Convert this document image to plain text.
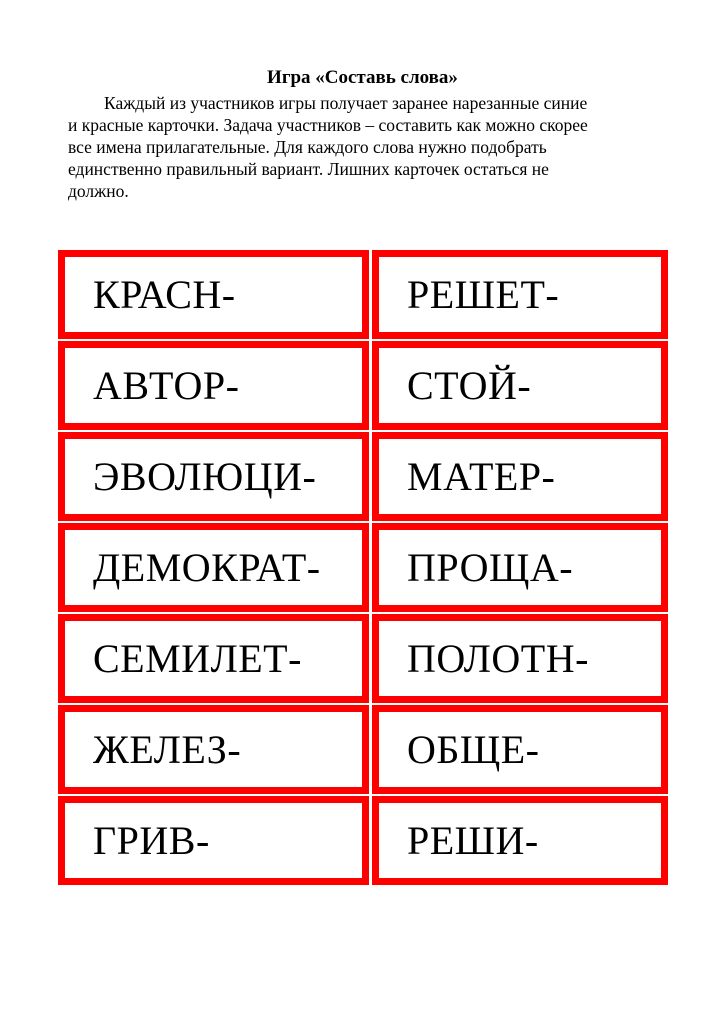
Игра «Составь слова»
Каждый из участников игры получает заранее нарезанные синие
и красные карточки. Задача участников – составить как можно скорее
все имена прилагательные. Для каждого слова нужно подобрать
единственно правильный вариант. Лишних карточек остаться не
должно.
КРАСН-	РЕШЕТ-
АВТОР-	СТОЙ-
ЭВОЛЮЦИ-	МАТЕР-
ДЕМОКРАТ-	ПРОЩА-
СЕМИЛЕТ-	ПОЛОТН-
ЖЕЛЕЗ-	ОБЩЕ-
ГРИВ-	РЕШИ-
